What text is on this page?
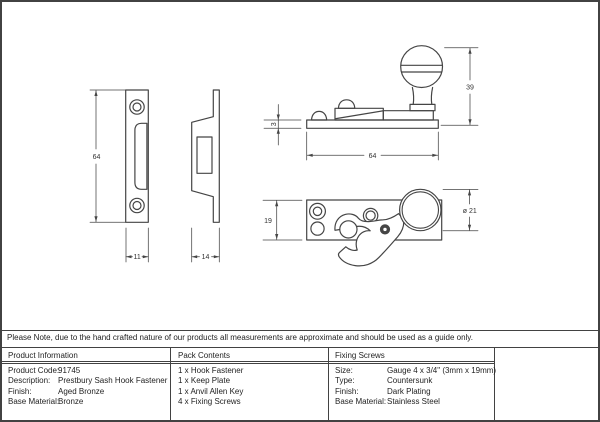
64
11	14
3
39
64
19
ø 21
Please Note, due to the hand crafted nature of our products all measurements are approximate and should be used as a guide only.
Product Information
Product Code:91745
Description: Prestbury Sash Hook Fastener
Finish:	Aged Bronze
Base Material:Bronze
Pack Contents
1 x Hook Fastener
1 x Keep Plate
1 x Anvil Allen Key
4 x Fixing Screws
Fixing Screws
Size:	Gauge 4 x 3/4" (3mm x 19mm)
Type:	Countersunk
Finish:	Dark Plating
Base Material:Stainless Steel
